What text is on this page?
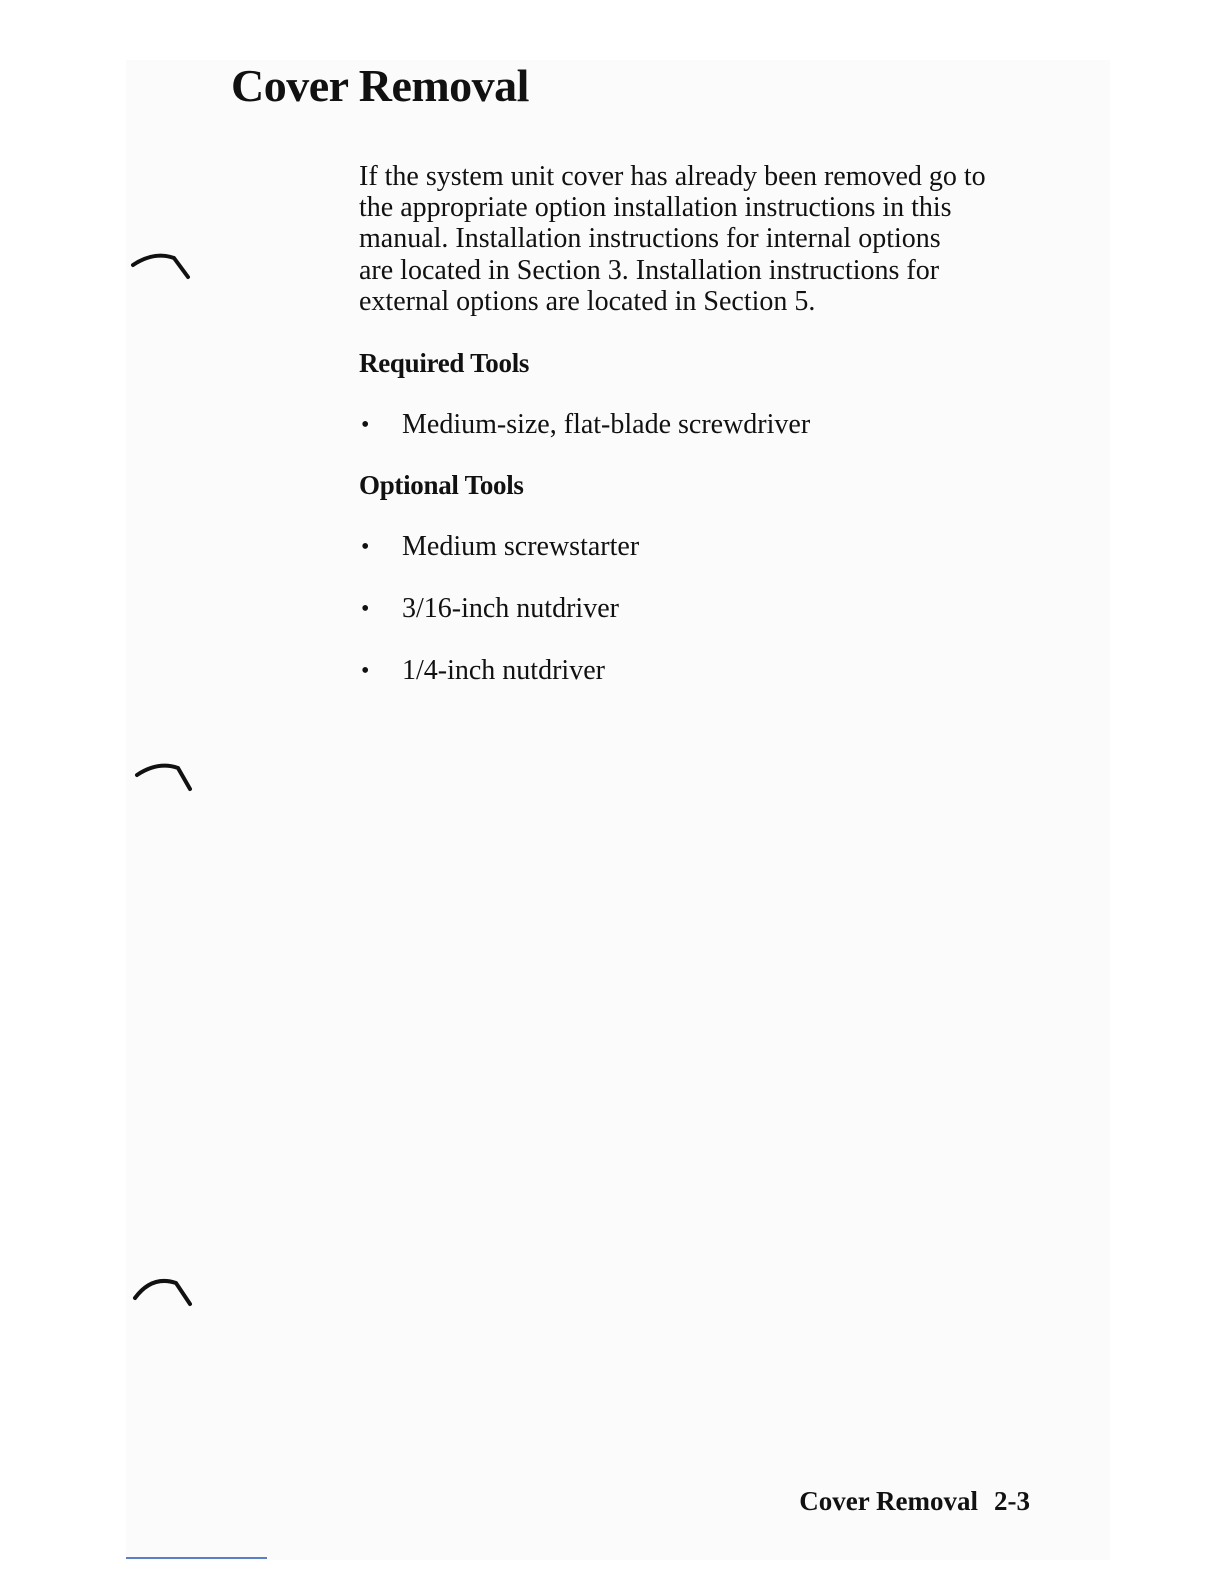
Cover Removal

If the system unit cover has already been removed go to
the appropriate option installation instructions in this
manual. Installation instructions for internal options
are located in Section 3. Installation instructions for
external options are located in Section 5.

Required Tools
• Medium-size, flat-blade screwdriver
Optional Tools
• Medium screwstarter
• 3/16-inch nutdriver
• 1/4-inch nutdriver
Cover Removal 2-3
